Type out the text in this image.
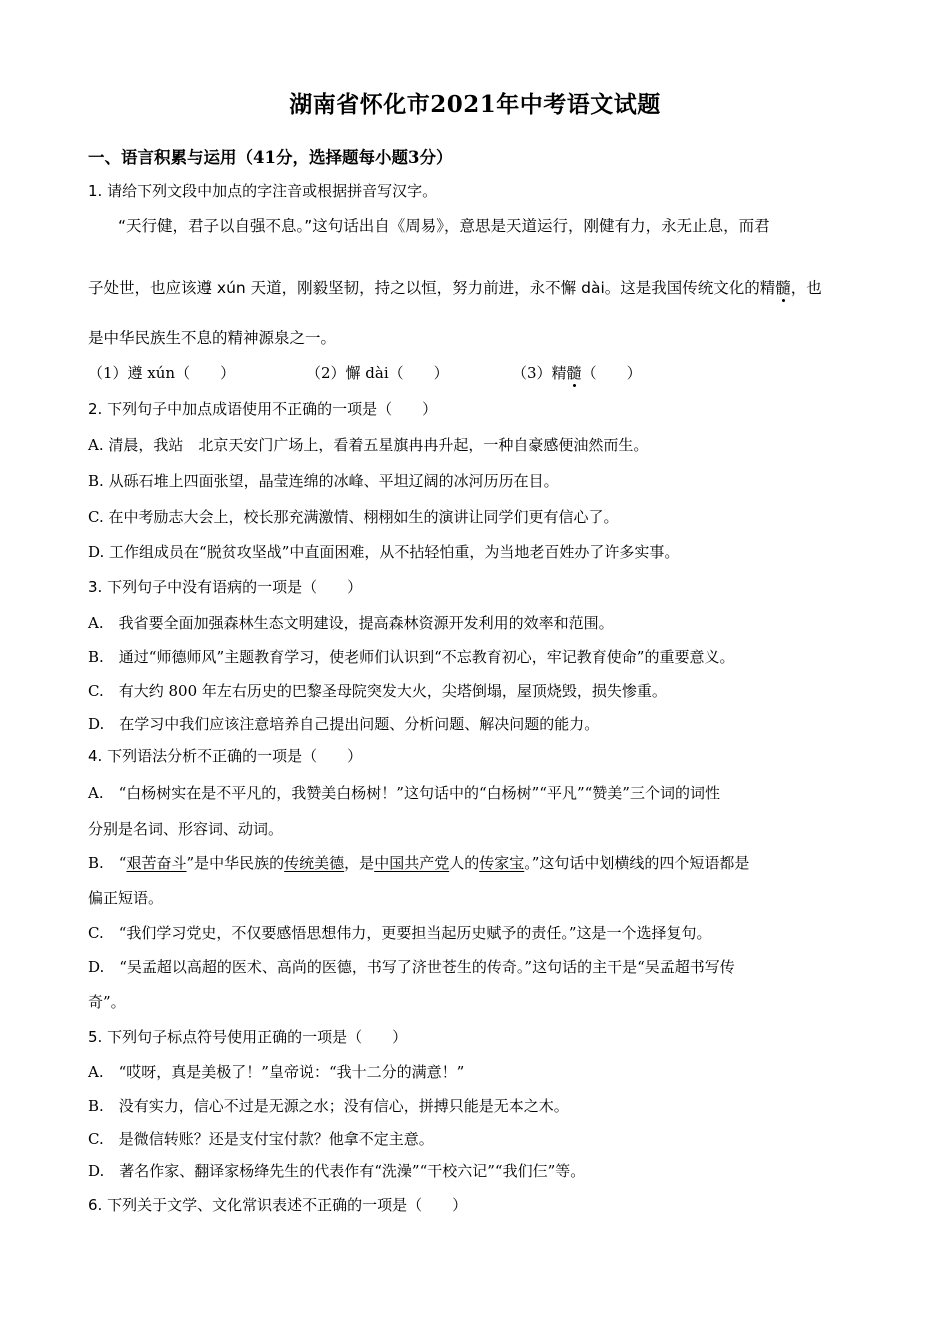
湖南省怀化市2021年中考语文试题
一、语言积累与运用（41分，选择题每小题3分）
1. 请给下列文段中加点的字注音或根据拼音写汉字。
“天行健，君子以自强不息。”这句话出自《周易》，意思是天道运行，刚健有力，永无止息，而君
子处世，也应该遵 xún 天道，刚毅坚韧，持之以恒，努力前进，永不懈 dài。这是我国传统文化的精髓，也
是中华民族生不息的精神源泉之一。
（1）遵 xún（　　）	（2）懈 dài（　　）	（3）精髓（　　）
2. 下列句子中加点成语使用不正确的一项是（　　）
A. 清晨，我站　北京天安门广场上，看着五星旗冉冉升起，一种自豪感便油然而生。
B. 从砾石堆上四面张望，晶莹连绵的冰峰、平坦辽阔的冰河历历在目。
C. 在中考励志大会上，校长那充满激情、栩栩如生的演讲让同学们更有信心了。
D. 工作组成员在“脱贫攻坚战”中直面困难，从不拈轻怕重，为当地老百姓办了许多实事。
3. 下列句子中没有语病的一项是（　　）
A.　我省要全面加强森林生态文明建设，提高森林资源开发利用的效率和范围。
B.　通过“师德师风”主题教育学习，使老师们认识到“不忘教育初心，牢记教育使命”的重要意义。
C.　有大约 800 年左右历史的巴黎圣母院突发大火，尖塔倒塌，屋顶烧毁，损失惨重。
D.　在学习中我们应该注意培养自己提出问题、分析问题、解决问题的能力。
4. 下列语法分析不正确的一项是（　　）
A.　“白杨树实在是不平凡的，我赞美白杨树！”这句话中的“白杨树”“平凡”“赞美”三个词的词性
分别是名词、形容词、动词。
B.　“艰苦奋斗”是中华民族的传统美德，是中国共产党人的传家宝。”这句话中划横线的四个短语都是
偏正短语。
C.　“我们学习党史，不仅要感悟思想伟力，更要担当起历史赋予的责任。”这是一个选择复句。
D.　“吴孟超以高超的医术、高尚的医德，书写了济世苍生的传奇。”这句话的主干是“吴孟超书写传
奇”。
5. 下列句子标点符号使用正确的一项是（　　）
A.　“哎呀，真是美极了！”皇帝说：“我十二分的满意！”
B.　没有实力，信心不过是无源之水；没有信心，拼搏只能是无本之木。
C.　是微信转账？还是支付宝付款？他拿不定主意。
D.　著名作家、翻译家杨绛先生的代表作有“洗澡”“干校六记”“我们仨”等。
6. 下列关于文学、文化常识表述不正确的一项是（　　）
